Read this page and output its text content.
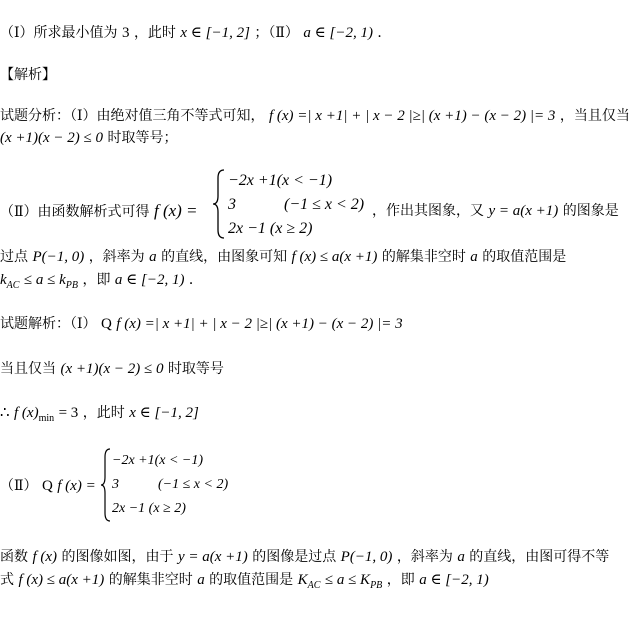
（Ⅰ）所求最小值为 3 ，此时 x ∈ [−1, 2] ；（Ⅱ） a ∈ [−2, 1) ．
【解析】
试题分析：（Ⅰ）由绝对值三角不等式可知， f (x) =| x +1| + | x − 2 |≥| (x +1) − (x − 2) |= 3 ，当且仅当
(x +1)(x − 2) ≤ 0 时取等号；
（Ⅱ）由函数解析式可得 f (x) =
−2x +1(x < −1)
3	(−1 ≤ x < 2)
2x −1 (x ≥ 2)
，作出其图象，又 y = a(x +1) 的图象是
过点 P(−1, 0) ，斜率为 a 的直线，由图象可知 f (x) ≤ a(x +1) 的解集非空时 a 的取值范围是
$k_{AC} \le a \le k_{PB}$ ，即 a ∈ [−2, 1) ．
试题解析：（Ⅰ） Q f (x) =| x +1| + | x − 2 |≥| (x +1) − (x − 2) |= 3
当且仅当 (x +1)(x − 2) ≤ 0 时取等号
∴ f $(x)_{min} = 3$ ，此时 x ∈ [−1, 2]
（Ⅱ） Q f (x) =
−2x +1(x < −1)
3	(−1 ≤ x < 2)
2x −1 (x ≥ 2)
函数 f (x) 的图像如图，由于 y = a(x +1) 的图像是过点 P(−1, 0) ，斜率为 a 的直线，由图可得不等
式 f (x) ≤ a(x +1) 的解集非空时 a 的取值范围是 $K_{AC} \le a \le K_{PB}$ ，即 a ∈ [−2, 1)
